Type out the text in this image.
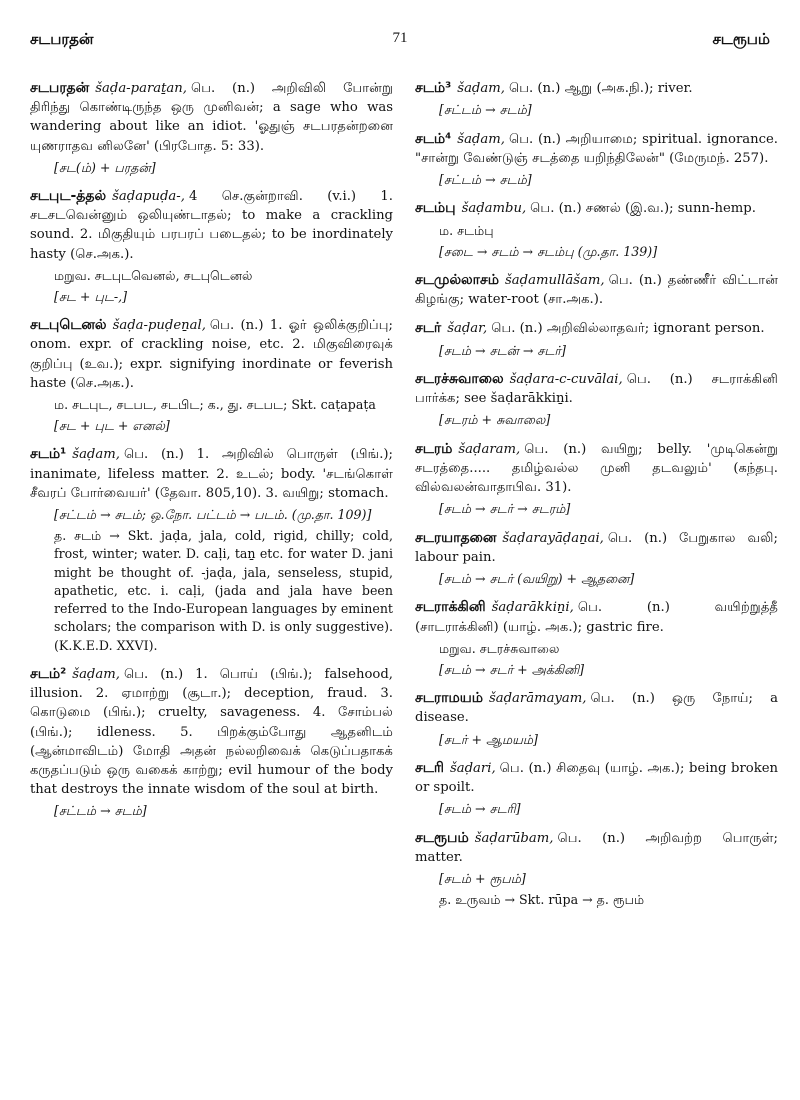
சடபரதன்	71	சடரூபம்
சடபரதன் šaḍa-paraṯan, பெ. (n.) அறிவிலி போன்று திரிந்து கொண்டிருந்த ஒரு முனிவன்; a sage who was wandering about like an idiot. 'ஓதுஞ் சடபரதன்றனை யுணராதவ னிலனே' (பிரபோத. 5: 33).
[சட(ம்) + பரதன்]
சடபுட-த்தல் šaḍapuḍa-, 4 செ.குன்றாவி. (v.i.) 1. சடசடவென்னும் ஒலியுண்டாதல்; to make a crackling sound. 2. மிகுதியும் பரபரப் படைதல்; to be inordinately hasty (செ.அக.).
மறுவ. சடபுடவெனல், சடபுடெனல்
[சட + புட-,]
சடபுடெனல் šaḍa-puḍeṉal, பெ. (n.) 1. ஓர் ஒலிக்குறிப்பு; onom. expr. of crackling noise, etc. 2. மிகுவிரைவுக் குறிப்பு (உவ.); expr. signifying inordinate or feverish haste (செ.அக.).
ம. சடபுட, சடபட, சடபிட; க., து. சடபட; Skt. caṭapaṭa
[சட + புட + எனல்]
சடம்¹ šaḍam, பெ. (n.) 1. அறிவில் பொருள் (பிங்.); inanimate, lifeless matter. 2. உடல்; body. 'சடங்கொள் சீவரப் போர்வையர்' (தேவா. 805,10). 3. வயிறு; stomach.
[சட்டம் → சடம்; ஒ.நோ. பட்டம் → படம். (மு.தா. 109)]
த. சடம் → Skt. jaḍa, jala, cold, rigid, chilly; cold, frost, winter; water. D. caḷi, taṉ etc. for water D. jani might be thought of. -jaḍa, jala, senseless, stupid, apathetic, etc. i. caḷi, (jada and jala have been referred to the Indo-European languages by eminent scholars; the comparison with D. is only suggestive). (K.K.E.D. XXVI).
சடம்² šaḍam, பெ. (n.) 1. பொய் (பிங்.); falsehood, illusion. 2. ஏமாற்று (சூடா.); deception, fraud. 3. கொடுமை (பிங்.); cruelty, savageness. 4. சோம்பல் (பிங்.); idleness. 5. பிறக்கும்போது ஆதனிடம் (ஆன்மாவிடம்) மோதி அதன் நல்லறிவைக் கெடுப்பதாகக் கருதப்படும் ஒரு வகைக் காற்று; evil humour of the body that destroys the innate wisdom of the soul at birth.
[சட்டம் → சடம்]
சடம்³ šaḍam, பெ. (n.) ஆறு (அக.நி.); river.
[சட்டம் → சடம்]
சடம்⁴ šaḍam, பெ. (n.) அறியாமை; spiritual. ignorance. "சான்று வேண்டுஞ் சடத்தை யறிந்திலேன்" (மேருமந். 257).
[சட்டம் → சடம்]
சடம்பு šaḍambu, பெ. (n.) சணல் (இ.வ.); sunn-hemp.
ம. சடம்பு
[சடை → சடம் → சடம்பு (மு.தா. 139)]
சடமுல்லாசம் šaḍamullāšam, பெ. (n.) தண்ணீர் விட்டான் கிழங்கு; water-root (சா.அக.).
சடர் šaḍar, பெ. (n.) அறிவில்லாதவர்; ignorant person.
[சடம் → சடன் → சடர்]
சடரச்சுவாலை šaḍara-c-cuvālai, பெ. (n.) சடராக்கினி பார்க்க; see šaḍarākkiṉi.
[சடரம் + சுவாலை]
சடரம் šaḍaram, பெ. (n.) வயிறு; belly. 'முடிகென்று சடரத்தை..... தமிழ்வல்ல முனி தடவலும்' (கந்தபு. வில்வலன்வாதாபிவ. 31).
[சடம் → சடர் → சடரம்]
சடரயாதனை šaḍarayāḍaṉai, பெ. (n.) பேறுகால வலி; labour pain.
[சடம் → சடர் (வயிறு) + ஆதனை]
சடராக்கினி šaḍarākkiṉi, பெ. (n.) வயிற்றுத்தீ (சாடராக்கினி) (யாழ். அக.); gastric fire.
மறுவ. சடரச்சுவாலை
[சடம் → சடர் + அக்கினி]
சடராமயம் šaḍarāmayam, பெ. (n.) ஒரு நோய்; a disease.
[சடர் + ஆமயம்]
சடரி šaḍari, பெ. (n.) சிதைவு (யாழ். அக.); being broken or spoilt.
[சடம் → சடரி]
சடரூபம் šaḍarūbam, பெ. (n.) அறிவற்ற பொருள்; matter.
[சடம் + ரூபம்]
த. உருவம் → Skt. rūpa → த. ரூபம்
